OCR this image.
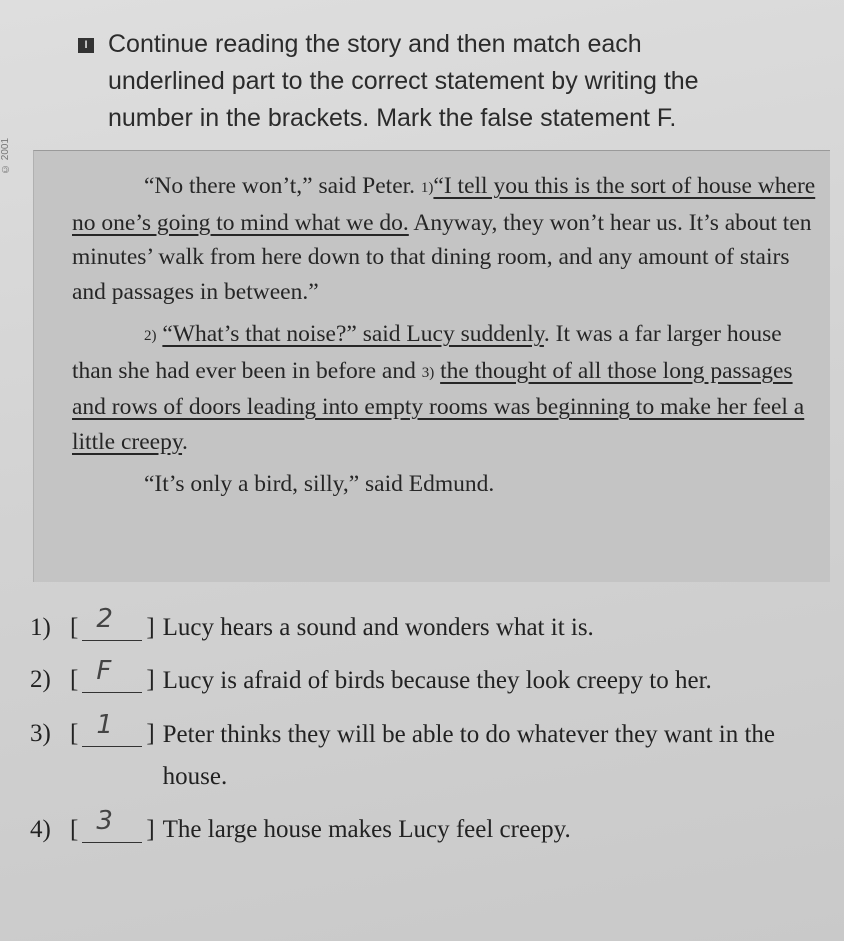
© 2001
I Continue reading the story and then match each
underlined part to the correct statement by writing the
number in the brackets. Mark the false statement F.

“No there won’t,” said Peter. 1)“I tell you this is the sort of house where no one’s going to mind what we do. Anyway, they won’t hear us. It’s about ten minutes’ walk from here down to that dining room, and any amount of stairs and passages in between.”

2) “What’s that noise?” said Lucy suddenly. It was a far larger house than she had ever been in before and 3) the thought of all those long passages and rows of doors leading into empty rooms was beginning to make her feel a little creepy.

“It’s only a bird, silly,” said Edmund.

1) [ 2 ] Lucy hears a sound and wonders what it is.
2) [ F ] Lucy is afraid of birds because they look creepy to her.
3) [ 1 ] Peter thinks they will be able to do whatever they want in the house.
4) [ 3 ] The large house makes Lucy feel creepy.
